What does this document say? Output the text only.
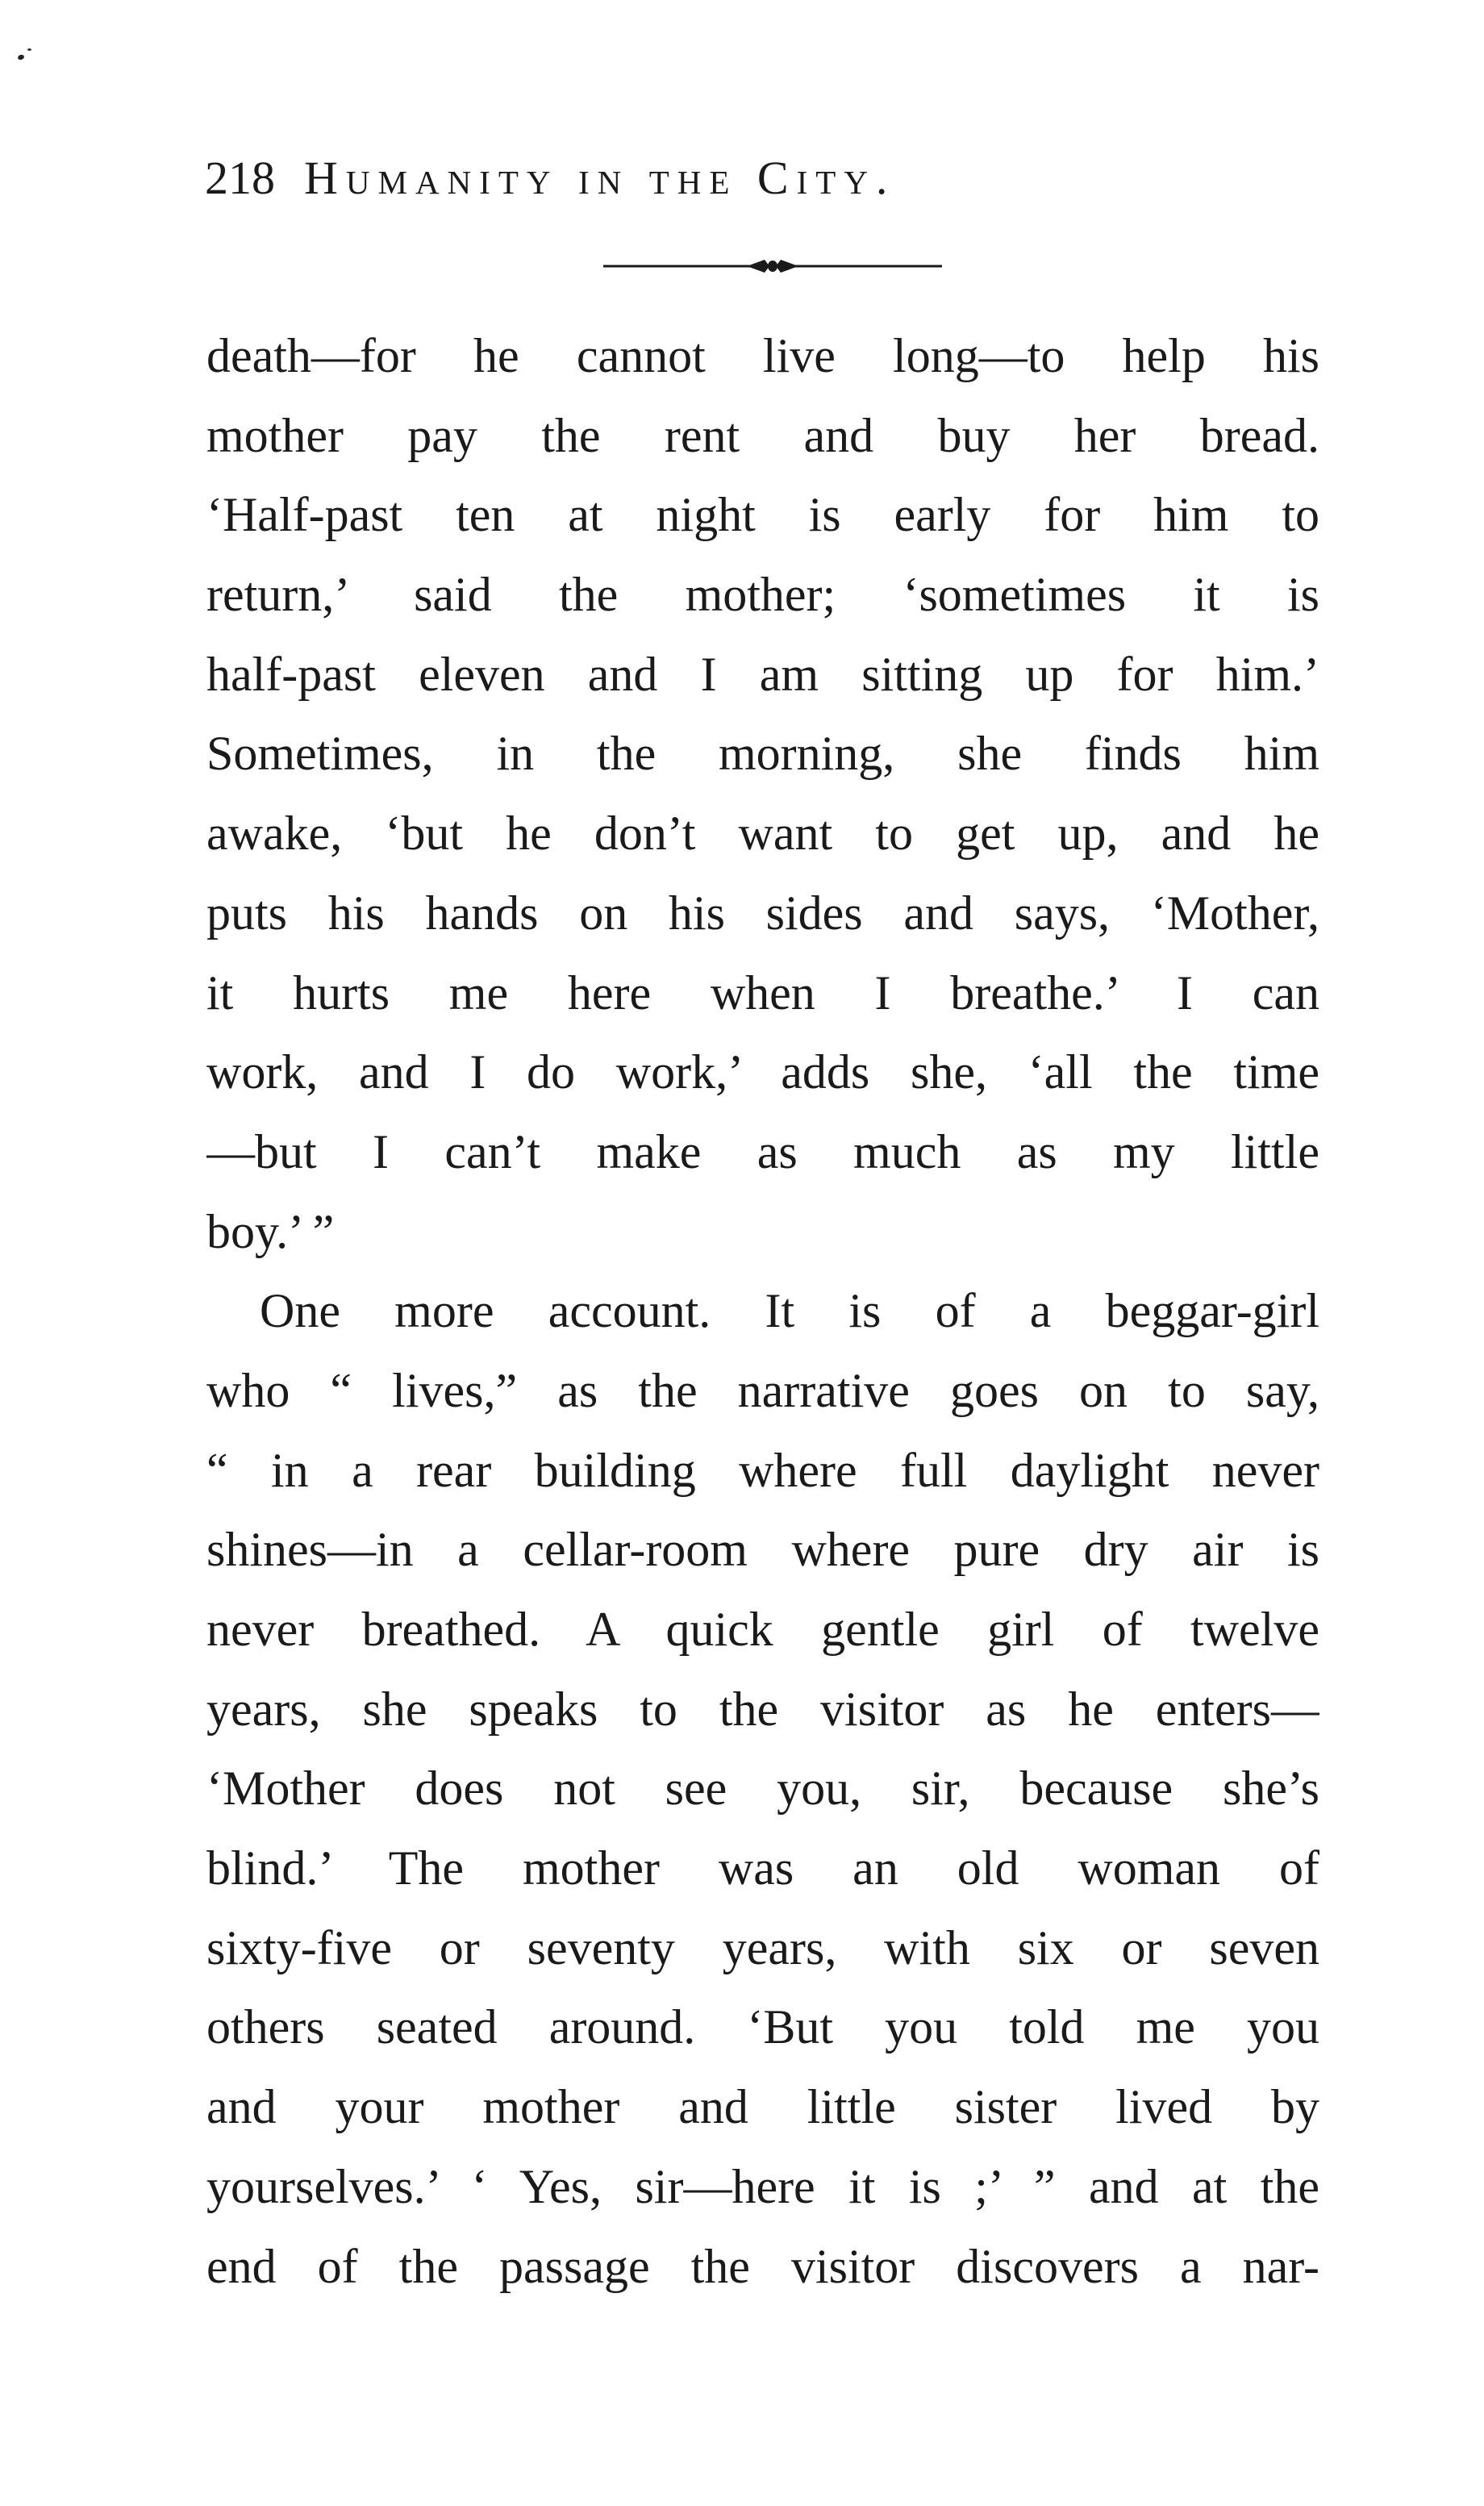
218 Humanity in the City.
death—for he cannot live long—to help his
mother pay the rent and buy her bread.
‘Half-past ten at night is early for him to
return,’ said the mother; ‘sometimes it is
half-past eleven and I am sitting up for him.’
Sometimes, in the morning, she finds him
awake, ‘but he don’t want to get up, and he
puts his hands on his sides and says, ‘Mother,
it hurts me here when I breathe.’ I can
work, and I do work,’ adds she, ‘all the time
—but I can’t make as much as my little
boy.’ ”
One more account. It is of a beggar-girl
who “ lives,” as the narrative goes on to say,
“ in a rear building where full daylight never
shines—in a cellar-room where pure dry air is
never breathed. A quick gentle girl of twelve
years, she speaks to the visitor as he enters—
‘Mother does not see you, sir, because she’s
blind.’ The mother was an old woman of
sixty-five or seventy years, with six or seven
others seated around. ‘But you told me you
and your mother and little sister lived by
yourselves.’ ‘ Yes, sir—here it is ;’ ” and at the
end of the passage the visitor discovers a nar-
